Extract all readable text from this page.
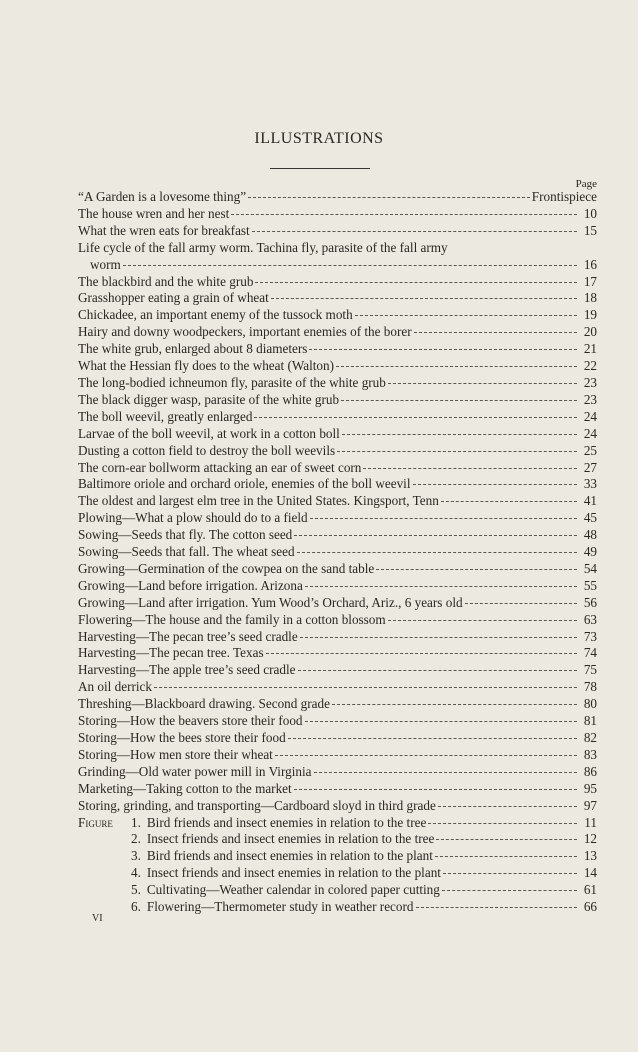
ILLUSTRATIONS
Page
“A Garden is a lovesome thing”	Frontispiece
The house wren and her nest	10
What the wren eats for breakfast	15
Life cycle of the fall army worm. Tachina fly, parasite of the fall army
worm	16
The blackbird and the white grub	17
Grasshopper eating a grain of wheat	18
Chickadee, an important enemy of the tussock moth	19
Hairy and downy woodpeckers, important enemies of the borer	20
The white grub, enlarged about 8 diameters	21
What the Hessian fly does to the wheat (Walton)	22
The long-bodied ichneumon fly, parasite of the white grub	23
The black digger wasp, parasite of the white grub	23
The boll weevil, greatly enlarged	24
Larvae of the boll weevil, at work in a cotton boll	24
Dusting a cotton field to destroy the boll weevils	25
The corn-ear bollworm attacking an ear of sweet corn	27
Baltimore oriole and orchard oriole, enemies of the boll weevil	33
The oldest and largest elm tree in the United States. Kingsport, Tenn	41
Plowing—What a plow should do to a field	45
Sowing—Seeds that fly. The cotton seed	48
Sowing—Seeds that fall. The wheat seed	49
Growing—Germination of the cowpea on the sand table	54
Growing—Land before irrigation. Arizona	55
Growing—Land after irrigation. Yum Wood’s Orchard, Ariz., 6 years old	56
Flowering—The house and the family in a cotton blossom	63
Harvesting—The pecan tree’s seed cradle	73
Harvesting—The pecan tree. Texas	74
Harvesting—The apple tree’s seed cradle	75
An oil derrick	78
Threshing—Blackboard drawing. Second grade	80
Storing—How the beavers store their food	81
Storing—How the bees store their food	82
Storing—How men store their wheat	83
Grinding—Old water power mill in Virginia	86
Marketing—Taking cotton to the market	95
Storing, grinding, and transporting—Cardboard sloyd in third grade	97
Figure	1. Bird friends and insect enemies in relation to the tree	11
2. Insect friends and insect enemies in relation to the tree	12
3. Bird friends and insect enemies in relation to the plant	13
4. Insect friends and insect enemies in relation to the plant	14
5. Cultivating—Weather calendar in colored paper cutting	61
6. Flowering—Thermometer study in weather record	66
VI
